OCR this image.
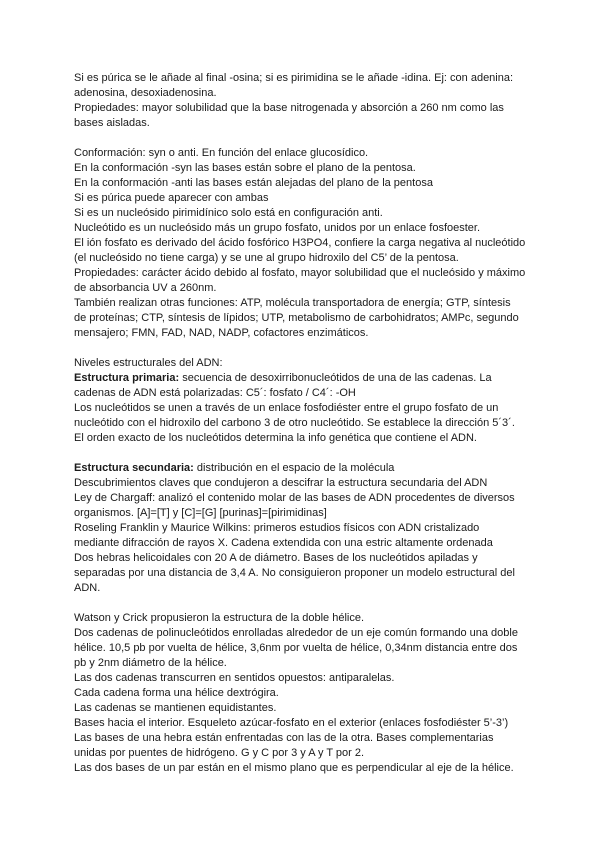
Si es púrica se le añade al final -osina; si es pirimidina se le añade -idina. Ej: con adenina:
adenosina, desoxiadenosina.
Propiedades: mayor solubilidad que la base nitrogenada y absorción a 260 nm como las
bases aisladas.
Conformación: syn o anti. En función del enlace glucosídico.
En la conformación -syn las bases están sobre el plano de la pentosa.
En la conformación -anti las bases están alejadas del plano de la pentosa
Si es púrica puede aparecer con ambas
Si es un nucleósido pirimidínico solo está en configuración anti.
Nucleótido es un nucleósido más un grupo fosfato, unidos por un enlace fosfoester.
El ión fosfato es derivado del ácido fosfórico H3PO4, confiere la carga negativa al nucleótido
(el nucleósido no tiene carga) y se une al grupo hidroxilo del C5’ de la pentosa.
Propiedades: carácter ácido debido al fosfato, mayor solubilidad que el nucleósido y máximo
de absorbancia UV a 260nm.
También realizan otras funciones: ATP, molécula transportadora de energía; GTP, síntesis
de proteínas; CTP, síntesis de lípidos; UTP, metabolismo de carbohidratos; AMPc, segundo
mensajero; FMN, FAD, NAD, NADP, cofactores enzimáticos.
Niveles estructurales del ADN:
Estructura primaria: secuencia de desoxirribonucleótidos de una de las cadenas. La
cadenas de ADN está polarizadas: C5´: fosfato / C4´: -OH
Los nucleótidos se unen a través de un enlace fosfodiéster entre el grupo fosfato de un
nucleótido con el hidroxilo del carbono 3 de otro nucleótido. Se establece la dirección 5´3´.
El orden exacto de los nucleótidos determina la info genética que contiene el ADN.
Estructura secundaria: distribución en el espacio de la molécula
Descubrimientos claves que condujeron a descifrar la estructura secundaria del ADN
Ley de Chargaff: analizó el contenido molar de las bases de ADN procedentes de diversos
organismos. [A]=[T] y [C]=[G] [purinas]=[pirimidinas]
Roseling Franklin y Maurice Wilkins: primeros estudios físicos con ADN cristalizado
mediante difracción de rayos X. Cadena extendida con una estric altamente ordenada
Dos hebras helicoidales con 20 A de diámetro. Bases de los nucleótidos apiladas y
separadas por una distancia de 3,4 A. No consiguieron proponer un modelo estructural del
ADN.
Watson y Crick propusieron la estructura de la doble hélice.
Dos cadenas de polinucleótidos enrolladas alrededor de un eje común formando una doble
hélice. 10,5 pb por vuelta de hélice, 3,6nm por vuelta de hélice, 0,34nm distancia entre dos
pb y 2nm diámetro de la hélice.
Las dos cadenas transcurren en sentidos opuestos: antiparalelas.
Cada cadena forma una hélice dextrógira.
Las cadenas se mantienen equidistantes.
Bases hacia el interior. Esqueleto azúcar-fosfato en el exterior (enlaces fosfodiéster 5’-3’)
Las bases de una hebra están enfrentadas con las de la otra. Bases complementarias
unidas por puentes de hidrógeno. G y C por 3 y A y T por 2.
Las dos bases de un par están en el mismo plano que es perpendicular al eje de la hélice.
